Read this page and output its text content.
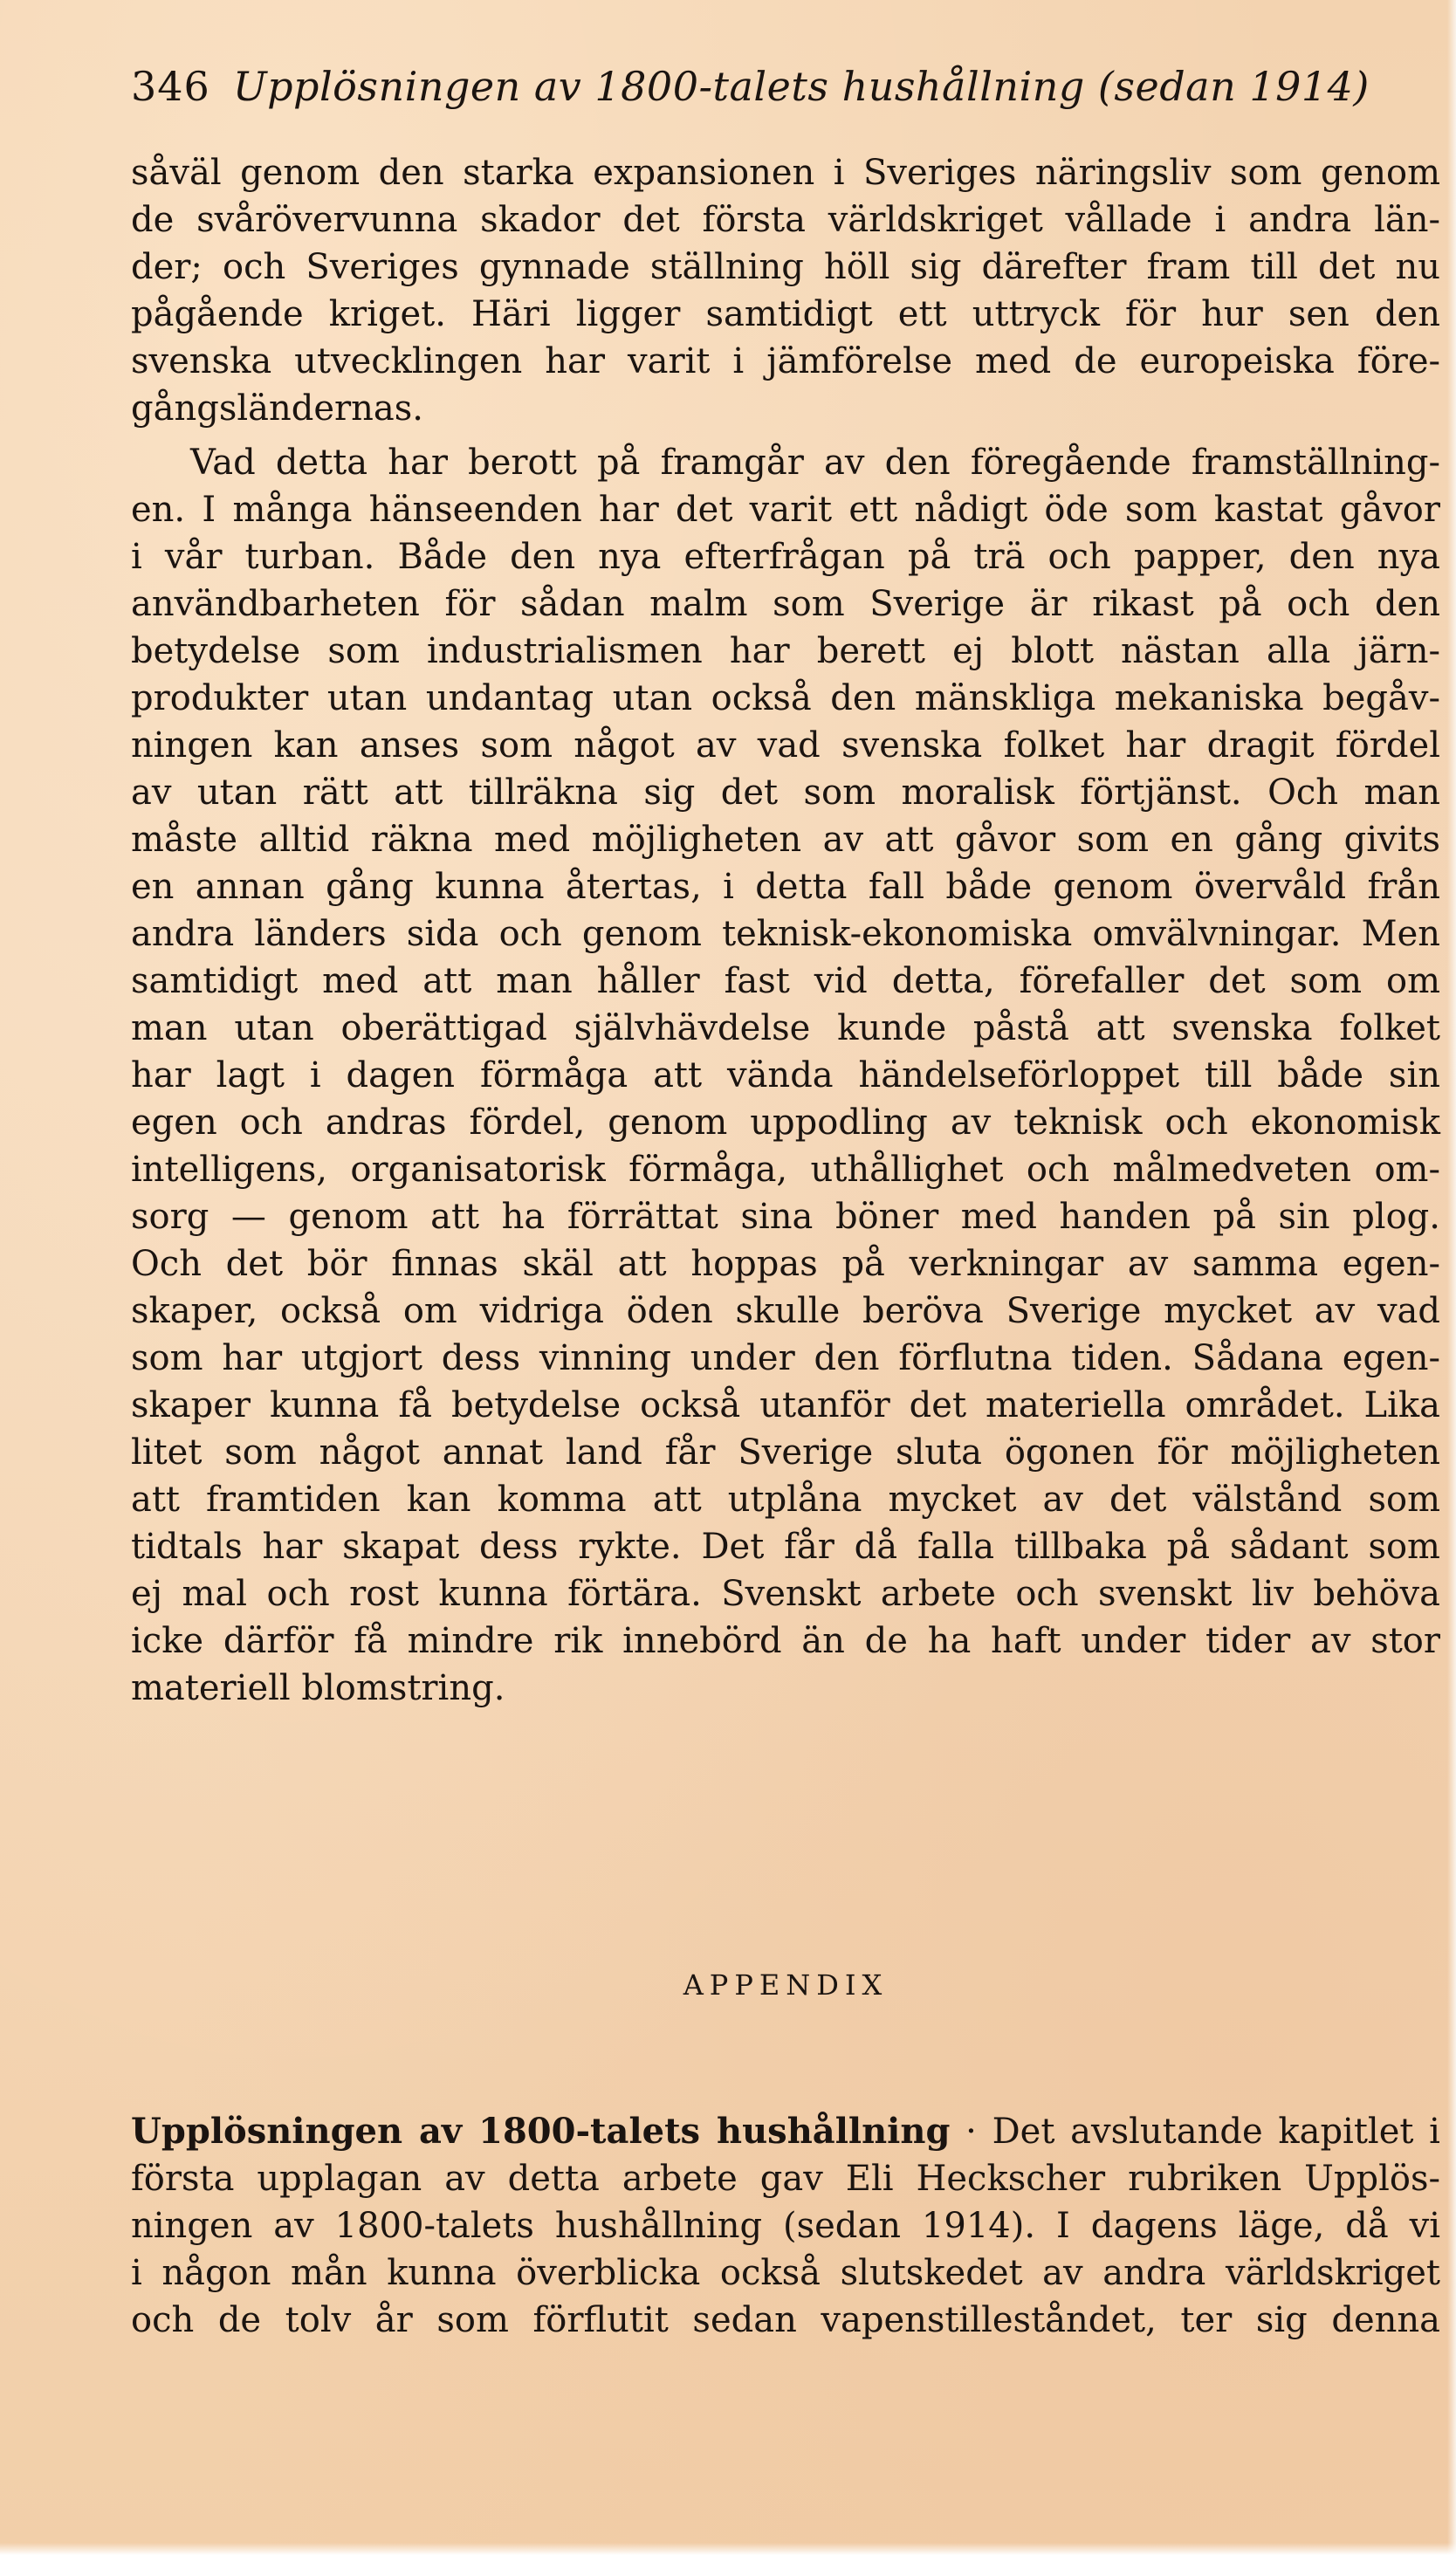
346 Upplösningen av 1800-talets hushållning (sedan 1914)
såväl genom den starka expansionen i Sveriges näringsliv som genom
de svårövervunna skador det första världskriget vållade i andra län-
der; och Sveriges gynnade ställning höll sig därefter fram till det nu
pågående kriget. Häri ligger samtidigt ett uttryck för hur sen den
svenska utvecklingen har varit i jämförelse med de europeiska före-
gångsländernas.
Vad detta har berott på framgår av den föregående framställning-
en. I många hänseenden har det varit ett nådigt öde som kastat gåvor
i vår turban. Både den nya efterfrågan på trä och papper, den nya
användbarheten för sådan malm som Sverige är rikast på och den
betydelse som industrialismen har berett ej blott nästan alla järn-
produkter utan undantag utan också den mänskliga mekaniska begåv-
ningen kan anses som något av vad svenska folket har dragit fördel
av utan rätt att tillräkna sig det som moralisk förtjänst. Och man
måste alltid räkna med möjligheten av att gåvor som en gång givits
en annan gång kunna återtas, i detta fall både genom övervåld från
andra länders sida och genom teknisk-ekonomiska omvälvningar. Men
samtidigt med att man håller fast vid detta, förefaller det som om
man utan oberättigad självhävdelse kunde påstå att svenska folket
har lagt i dagen förmåga att vända händelseförloppet till både sin
egen och andras fördel, genom uppodling av teknisk och ekonomisk
intelligens, organisatorisk förmåga, uthållighet och målmedveten om-
sorg — genom att ha förrättat sina böner med handen på sin plog.
Och det bör finnas skäl att hoppas på verkningar av samma egen-
skaper, också om vidriga öden skulle beröva Sverige mycket av vad
som har utgjort dess vinning under den förflutna tiden. Sådana egen-
skaper kunna få betydelse också utanför det materiella området. Lika
litet som något annat land får Sverige sluta ögonen för möjligheten
att framtiden kan komma att utplåna mycket av det välstånd som
tidtals har skapat dess rykte. Det får då falla tillbaka på sådant som
ej mal och rost kunna förtära. Svenskt arbete och svenskt liv behöva
icke därför få mindre rik innebörd än de ha haft under tider av stor
materiell blomstring.
APPENDIX
Upplösningen av 1800-talets hushållning · Det avslutande kapitlet i
första upplagan av detta arbete gav Eli Heckscher rubriken Upplös-
ningen av 1800-talets hushållning (sedan 1914). I dagens läge, då vi
i någon mån kunna överblicka också slutskedet av andra världskriget
och de tolv år som förflutit sedan vapenstilleståndet, ter sig denna
